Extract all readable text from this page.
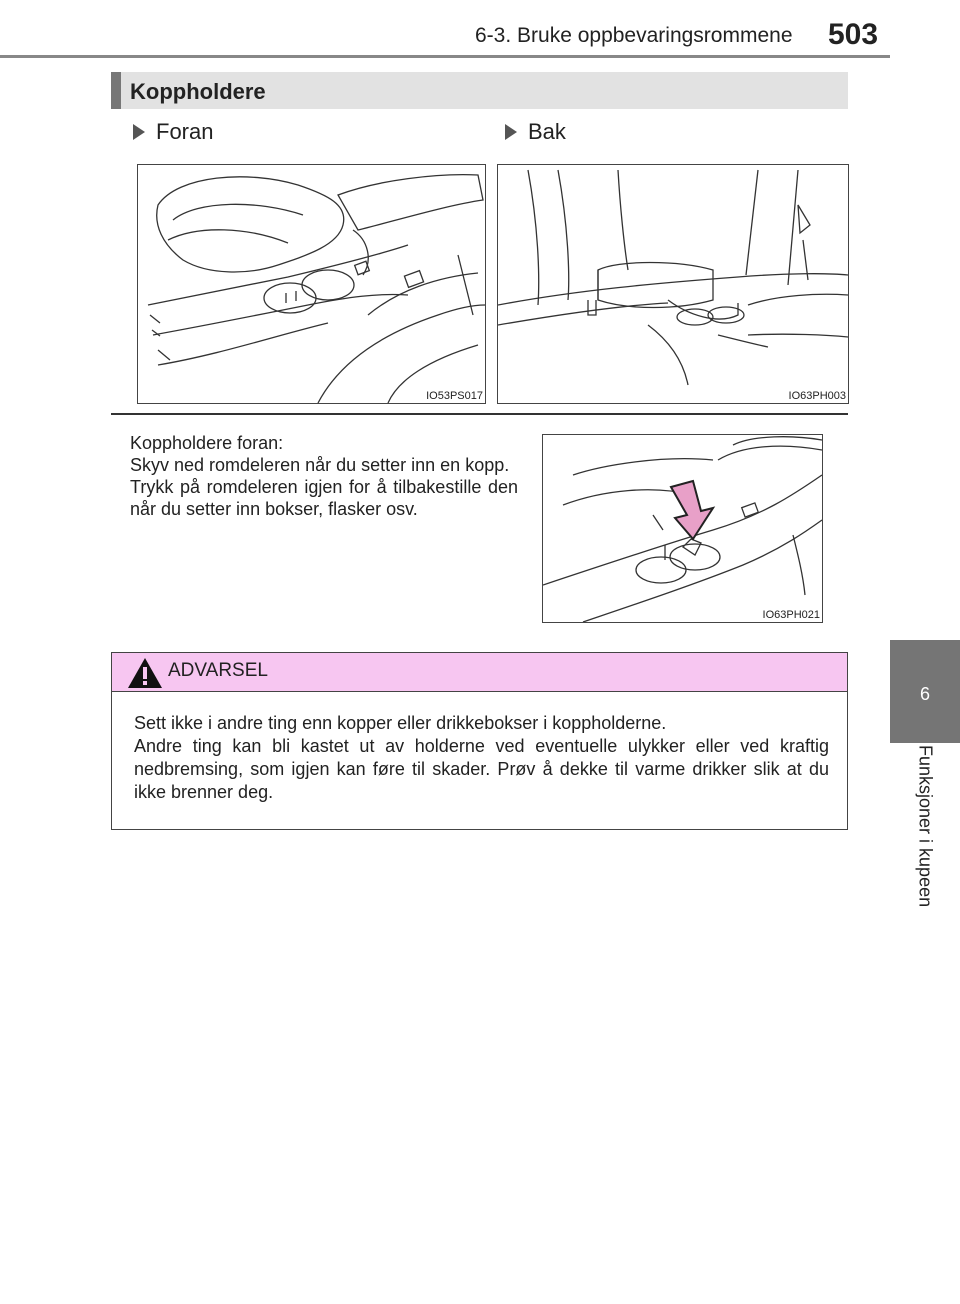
6-3. Bruke oppbevaringsrommene 503
6
Funksjoner i kupeen
Koppholdere
Foran	Bak
IO53PS017	IO63PH003

Koppholdere foran:

Skyv ned romdeleren når du setter inn en kopp.

Trykk på romdeleren igjen for å tilbakestille den når du setter inn bokser, flasker osv.

IO63PH021
ADVARSEL

Sett ikke i andre ting enn kopper eller drikkebokser i koppholderne.

Andre ting kan bli kastet ut av holderne ved eventuelle ulykker eller ved kraftig nedbremsing, som igjen kan føre til skader. Prøv å dekke til varme drikker slik at du ikke brenner deg.
